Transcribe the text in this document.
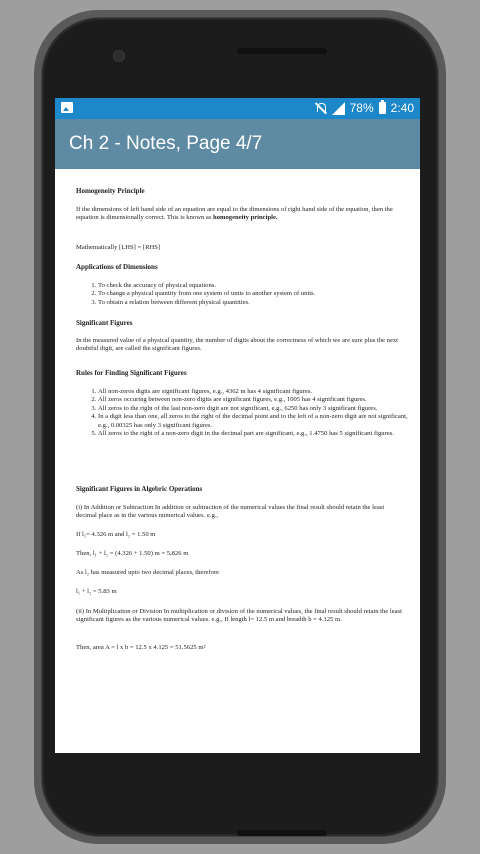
78% 2:40
Ch 2 - Notes, Page 4/7
Homogeneity Principle
If the dimensions of left hand side of an equation are equal to the dimensions of right hand side of the equation, then the equation is dimensionally correct. This is known as homogeneity principle.
Mathematically [LHS] = [RHS]
Applications of Dimensions
1. To check the accuracy of physical equations.
2. To change a physical quantity from one system of units to another system of units.
3. To obtain a relation between different physical quantities.
Significant Figures
In the measured value of a physical quantity, the number of digits about the correctness of which we are sure plus the next doubtful digit, are called the significant figures.
Rules for Finding Significant Figures
1. All non-zeros digits are significant figures, e.g., 4362 m has 4 significant figures.
2. All zeros occuring between non-zero digits are significant figures, e.g., 1005 has 4 significant figures.
3. All zeros to the right of the last non-zero digit are not significant, e.g., 6250 has only 3 significant figures.
4. In a digit less than one, all zeros to the right of the decimal point and to the left of a non-zero digit are not significant, e.g., 0.00325 has only 3 significant figures.
5. All zeros to the right of a non-zero digit in the decimal part are significant, e.g., 1.4750 has 5 significant figures.
Significant Figures in Algebric Operations
(i) In Addition or Subtraction In addition or subtraction of the numerical values the final result should retain the least decimal place as in the various numerical values. e.g.,
If l₁= 4.326 m and l₂ = 1.50 m
Then, l₁ + l₂ = (4.326 + 1.50) m = 5.826 m
As l₂ has measured upto two decimal places, therefore
l₁ + l₂ = 5.83 m
(ii) In Multiplication or Division In multiplication or division of the numerical values, the final result should retain the least significant figures as the various numerical values. e.g., If length l= 12.5 m and breadth b = 4.125 m.
Then, area A = l x b = 12.5 x 4.125 = 51.5625 m²
